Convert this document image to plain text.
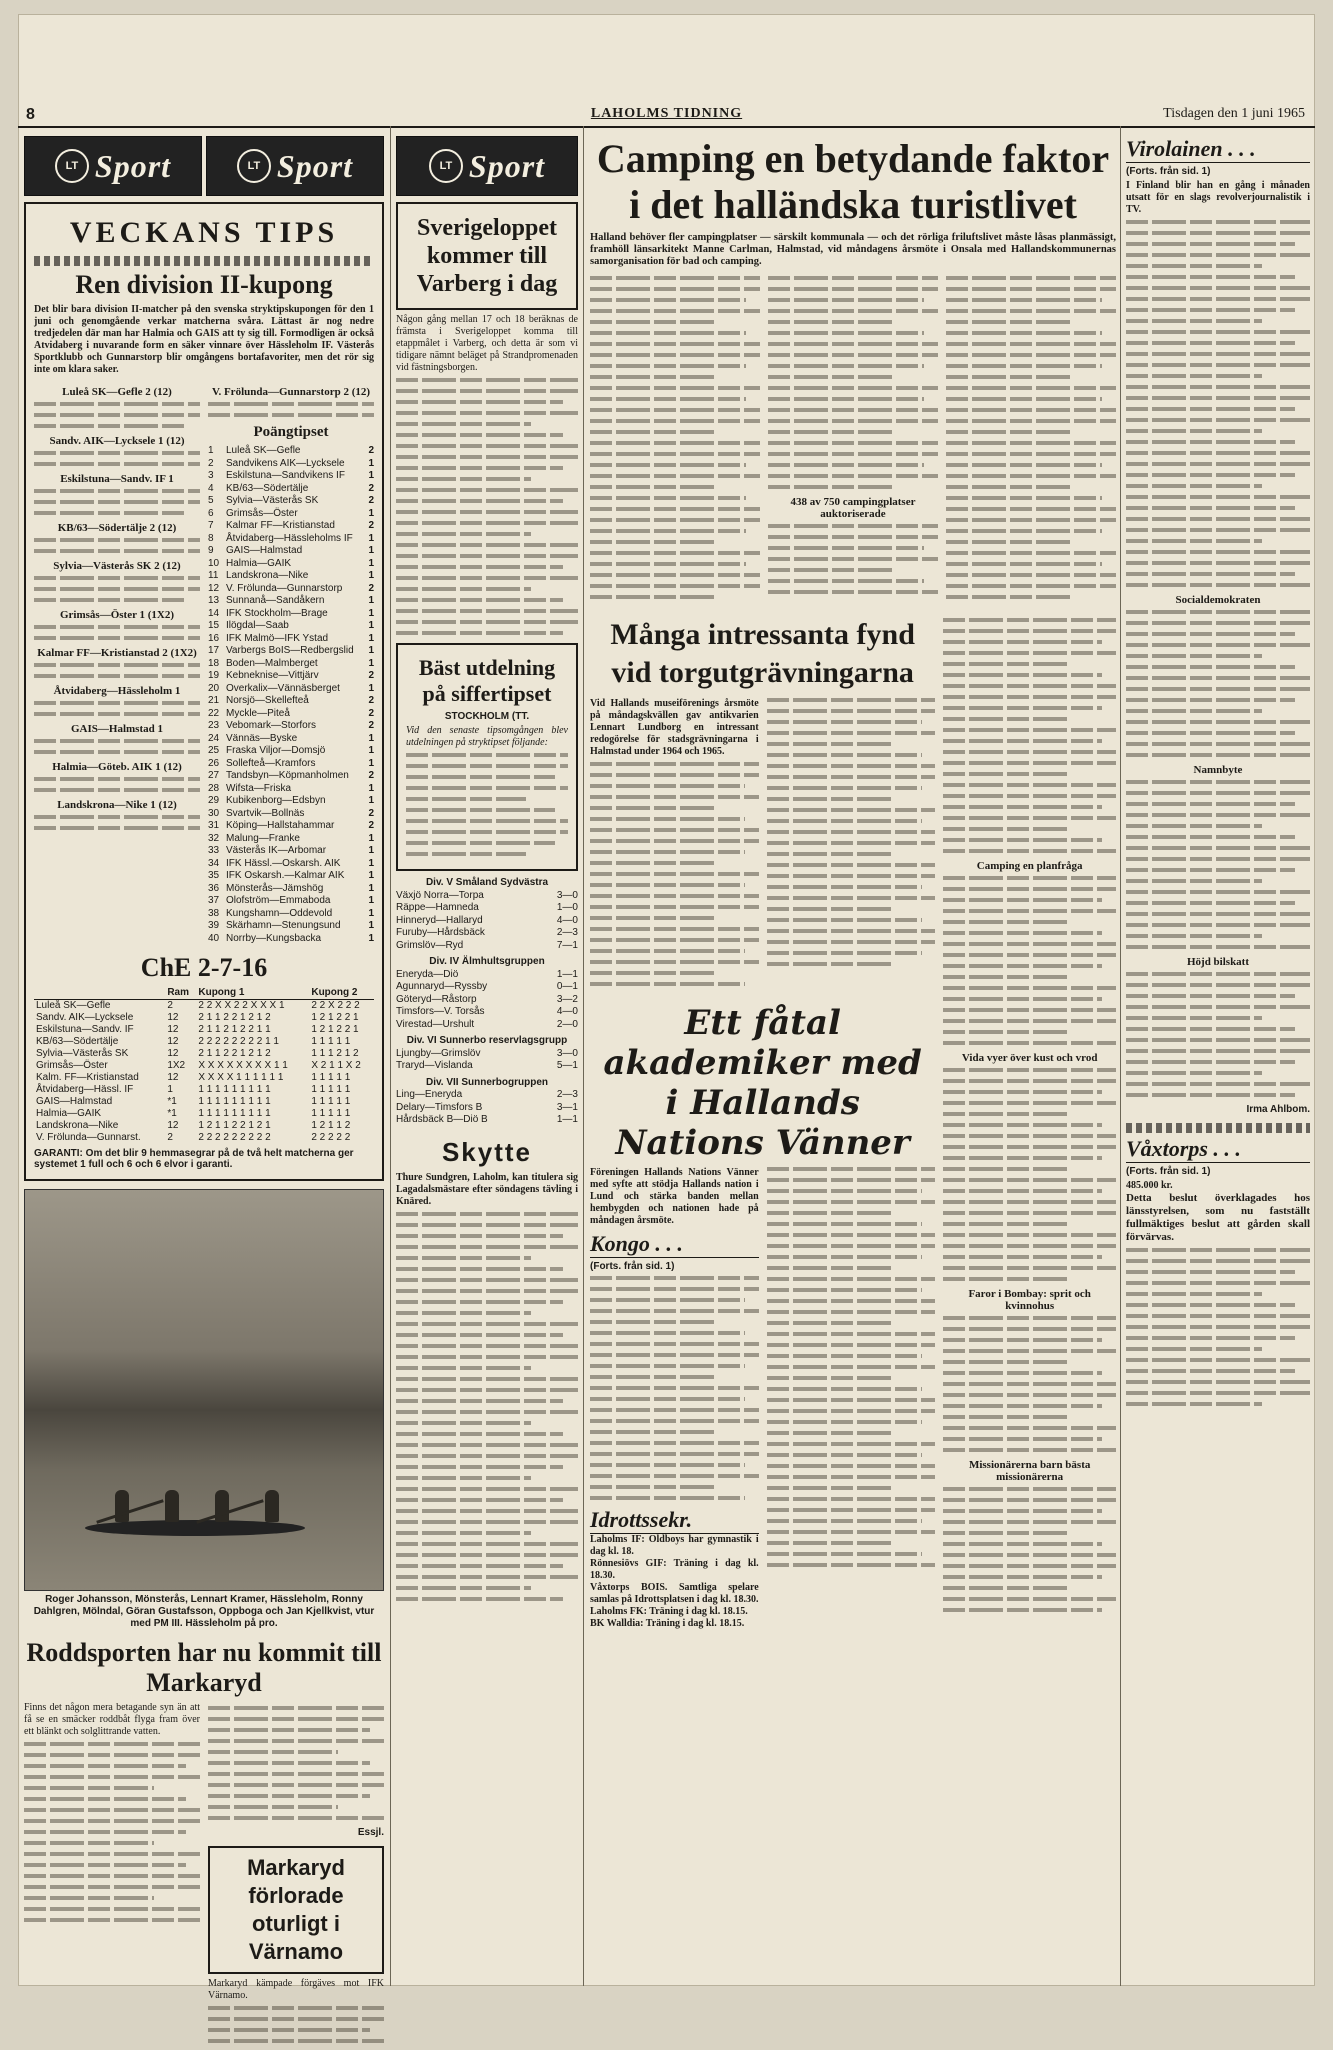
8	LAHOLMS TIDNING	Tisdagen den 1 juni 1965
LT Sport	LT Sport
VECKANS TIPS
Ren division II-kupong
Det blir bara division II-matcher på den svenska stryktipskupongen för den 1 juni och genomgående verkar matcherna svåra. Lättast är nog nedre tredjedelen där man har Halmia och GAIS att ty sig till. Formodligen är också Atvidaberg i nuvarande form en säker vinnare över Hässleholm IF. Västerås Sportklubb och Gunnarstorp blir omgångens bortafavoriter, men det rör sig inte om klara saker.
Luleå SK—Gefle 2 (12)
Sandv. AIK—Lycksele 1 (12)
Eskilstuna—Sandv. IF 1
KB/63—Södertälje 2 (12)
Sylvia—Västerås SK 2 (12)
Grimsås—Öster 1 (1X2)
Kalmar FF—Kristianstad 2 (1X2)
Åtvidaberg—Hässleholm 1
GAIS—Halmstad 1
Halmia—Göteb. AIK 1 (12)
Landskrona—Nike 1 (12)
V. Frölunda—Gunnarstorp 2 (12)
Poängtipset
1	Luleå SK—Gefle	2
2	Sandvikens AIK—Lycksele	1
3	Eskilstuna—Sandvikens IF	1
4	KB/63—Södertälje	2
5	Sylvia—Västerås SK	2
6	Grimsås—Öster	1
7	Kalmar FF—Kristianstad	2
8	Åtvidaberg—Hässleholms IF	1
9	GAIS—Halmstad	1
10 Halmia—GAIK	1
11 Landskrona—Nike	1
12 V. Frölunda—Gunnarstorp	2
13 Sunnanå—Sandåkern	1
14 IFK Stockholm—Brage	1
15 Ilögdal—Saab	1
16 IFK Malmö—IFK Ystad	1
17 Varbergs BoIS—Redbergslid	1
18 Boden—Malmberget	1
19 Kebneknise—Vittjärv	2
20 Overkalix—Vännäsberget	1
21 Norsjö—Skellefteå	2
22 Myckle—Piteå	2
23 Vebomark—Storfors	2
24 Vännäs—Byske	1
25 Fraska Viljor—Domsjö	1
26 Sollefteå—Kramfors	1
27 Tandsbyn—Köpmanholmen	2
28 Wifsta—Friska	1
29 Kubikenborg—Edsbyn	1
30 Svartvik—Bollnäs	2
31 Köping—Hallstahammar	2
32 Malung—Franke	1
33 Västerås IK—Arbomar	1
34 IFK Hässl.—Oskarsh. AIK	1
35 IFK Oskarsh.—Kalmar AIK	1
36 Mönsterås—Jämshög	1
37 Olofström—Emmaboda	1
38 Kungshamn—Oddevold	1
39 Skärhamn—Stenungsund	1
40 Norrby—Kungsbacka	1
ChE 2-7-16
	Ram	Kupong 1	Kupong 2
Luleå SK—Gefle	2	2 2 X X 2 2 X X X 1	2 2 X 2 2 2
Sandv. AIK—Lycksele	12	2 1 1 2 2 1 2 1 2	1 2 1 2 2 1
Eskilstuna—Sandv. IF	12	2 1 1 2 1 2 2 1 1	1 2 1 2 2 1
KB/63—Södertälje	12	2 2 2 2 2 2 2 2 1 1	1 1 1 1 1
Sylvia—Västerås SK	12	2 1 1 2 2 1 2 1 2	1 1 1 2 1 2
Grimsås—Öster	1X2	X X X X X X X X 1 1	X 2 1 1 X 2
Kalm. FF—Kristianstad	12	X X X X 1 1 1 1 1 1	1 1 1 1 1
Åtvidaberg—Hässl. IF	1	1 1 1 1 1 1 1 1 1	1 1 1 1 1
GAIS—Halmstad	*1	1 1 1 1 1 1 1 1 1	1 1 1 1 1
Halmia—GAIK	*1	1 1 1 1 1 1 1 1 1	1 1 1 1 1
Landskrona—Nike	12	1 2 1 1 2 2 1 2 1	1 2 1 1 2
V. Frölunda—Gunnarst.	2	2 2 2 2 2 2 2 2 2	2 2 2 2 2
GARANTI: Om det blir 9 hemmasegrar på de två helt matcherna ger systemet 1 full och 6 och 6 elvor i garanti.
Roger Johansson, Mönsterås, Lennart Kramer, Hässleholm, Ronny Dahlgren, Mölndal, Göran Gustafsson, Oppboga och Jan Kjellkvist, vtur med PM III. Hässleholm på pro.
Roddsporten har nu kommit till Markaryd
Finns det någon mera betagande syn än att få se en smäcker roddbåt flyga fram över ett blänkt och solglittrande vatten.
Essjl.
Markaryd förlorade oturligt i Värnamo
Markaryd kämpade förgäves mot IFK Värnamo.
LT Sport
Sverigeloppet kommer till Varberg i dag
Någon gång mellan 17 och 18 beräknas de främsta i Sverigeloppet komma till etappmålet i Varberg, och detta är som vi tidigare nämnt beläget på Strandpromenaden vid fästningsborgen.
Bäst utdelning på siffertipset
STOCKHOLM (TT.
Vid den senaste tipsomgången blev utdelningen på stryktipset följande:
Div. V Småland Sydvästra
Växjö Norra—Torpa	3—0
Räppe—Hamneda	1—0
Hinneryd—Hallaryd	4—0
Furuby—Hårdsbäck	2—3
Grimslöv—Ryd	7—1
Div. IV Älmhultsgruppen
Eneryda—Diö	1—1
Agunnaryd—Ryssby	0—1
Göteryd—Råstorp	3—2
Timsfors—V. Torsås	4—0
Virestad—Urshult	2—0
Div. VI Sunnerbo reservlagsgrupp
Ljungby—Grimslöv	3—0
Traryd—Vislanda	5—1
Div. VII Sunnerbogruppen
Ling—Eneryda	2—3
Delary—Timsfors B	3—1
Hårdsbäck B—Diö B	1—1
Skytte
Thure Sundgren, Laholm, kan titulera sig Lagadalsmästare efter söndagens tävling i Knäred.
Camping en betydande faktor
i det halländska turistlivet
Halland behöver fler campingplatser — särskilt kommunala — och det rörliga friluftslivet måste låsas planmässigt, framhöll länsarkitekt Manne Carlman, Halmstad, vid måndagens årsmöte i Onsala med Hallandskommunernas samorganisation för bad och camping.
438 av 750 campingplatser auktoriserade
Många intressanta fynd
vid torgutgrävningarna
Vid Hallands museiförenings årsmöte på måndagskvällen gav antikvarien Lennart Lundborg en intressant redogörelse för stadsgrävningarna i Halmstad under 1964 och 1965.
Ett fåtal akademiker med
i Hallands Nations Vänner
Föreningen Hallands Nations Vänner med syfte att stödja Hallands nation i Lund och stärka banden mellan hembygden och nationen hade på måndagen årsmöte.
Kongo . . .
(Forts. från sid. 1)
Idrottssekr.
Laholms IF: Oldboys har gymnastik i dag kl. 18.
Rönnesiövs GIF: Träning i dag kl. 18.30.
Våxtorps BOIS. Samtliga spelare samlas på Idrottsplatsen i dag kl. 18.30.
Laholms FK: Träning i dag kl. 18.15.
BK Walldia: Träning i dag kl. 18.15.
Camping en planfråga
Vida vyer över kust och vrod
Faror i Bombay: sprit och kvinnohus
Missionärerna barn bästa missionärerna
Virolainen . . .
(Forts. från sid. 1)
I Finland blir han en gång i månaden utsatt för en slags revolverjournalistik i TV.
Socialdemokraten
Namnbyte
Höjd bilskatt
Irma Ahlbom.
Våxtorps . . .
(Forts. från sid. 1)
485.000 kr.
Detta beslut överklagades hos länsstyrelsen, som nu fastställt fullmäktiges beslut att gården skall förvärvas.
